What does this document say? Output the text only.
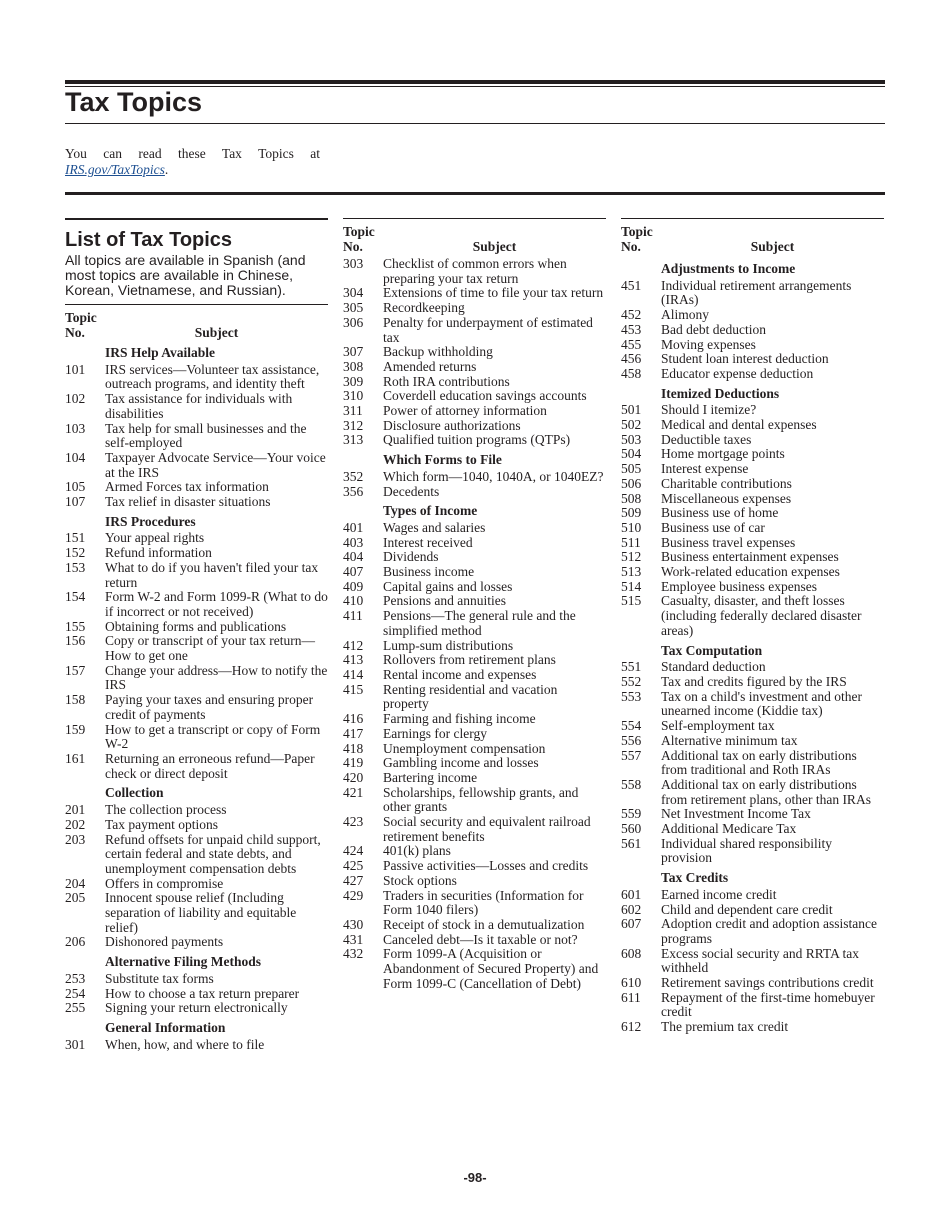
Tax Topics
You can read these Tax Topics at IRS.gov/TaxTopics.
List of Tax Topics
All topics are available in Spanish (and most topics are available in Chinese, Korean, Vietnamese, and Russian).
Topic No.	Subject
IRS Help Available
101	IRS services—Volunteer tax assistance, outreach programs, and identity theft
102	Tax assistance for individuals with disabilities
103	Tax help for small businesses and the self-employed
104	Taxpayer Advocate Service—Your voice at the IRS
105	Armed Forces tax information
107	Tax relief in disaster situations
IRS Procedures
151	Your appeal rights
152	Refund information
153	What to do if you haven't filed your tax return
154	Form W-2 and Form 1099-R (What to do if incorrect or not received)
155	Obtaining forms and publications
156	Copy or transcript of your tax return—How to get one
157	Change your address—How to notify the IRS
158	Paying your taxes and ensuring proper credit of payments
159	How to get a transcript or copy of Form W-2
161	Returning an erroneous refund—Paper check or direct deposit
Collection
201	The collection process
202	Tax payment options
203	Refund offsets for unpaid child support, certain federal and state debts, and unemployment compensation debts
204	Offers in compromise
205	Innocent spouse relief (Including separation of liability and equitable relief)
206	Dishonored payments
Alternative Filing Methods
253	Substitute tax forms
254	How to choose a tax return preparer
255	Signing your return electronically
General Information
301	When, how, and where to file
Topic No.	Subject
303	Checklist of common errors when preparing your tax return
304	Extensions of time to file your tax return
305	Recordkeeping
306	Penalty for underpayment of estimated tax
307	Backup withholding
308	Amended returns
309	Roth IRA contributions
310	Coverdell education savings accounts
311	Power of attorney information
312	Disclosure authorizations
313	Qualified tuition programs (QTPs)
Which Forms to File
352	Which form—1040, 1040A, or 1040EZ?
356	Decedents
Types of Income
401	Wages and salaries
403	Interest received
404	Dividends
407	Business income
409	Capital gains and losses
410	Pensions and annuities
411	Pensions—The general rule and the simplified method
412	Lump-sum distributions
413	Rollovers from retirement plans
414	Rental income and expenses
415	Renting residential and vacation property
416	Farming and fishing income
417	Earnings for clergy
418	Unemployment compensation
419	Gambling income and losses
420	Bartering income
421	Scholarships, fellowship grants, and other grants
423	Social security and equivalent railroad retirement benefits
424	401(k) plans
425	Passive activities—Losses and credits
427	Stock options
429	Traders in securities (Information for Form 1040 filers)
430	Receipt of stock in a demutualization
431	Canceled debt—Is it taxable or not?
432	Form 1099-A (Acquisition or Abandonment of Secured Property) and Form 1099-C (Cancellation of Debt)
Topic No.	Subject
Adjustments to Income
451	Individual retirement arrangements (IRAs)
452	Alimony
453	Bad debt deduction
455	Moving expenses
456	Student loan interest deduction
458	Educator expense deduction
Itemized Deductions
501	Should I itemize?
502	Medical and dental expenses
503	Deductible taxes
504	Home mortgage points
505	Interest expense
506	Charitable contributions
508	Miscellaneous expenses
509	Business use of home
510	Business use of car
511	Business travel expenses
512	Business entertainment expenses
513	Work-related education expenses
514	Employee business expenses
515	Casualty, disaster, and theft losses (including federally declared disaster areas)
Tax Computation
551	Standard deduction
552	Tax and credits figured by the IRS
553	Tax on a child's investment and other unearned income (Kiddie tax)
554	Self-employment tax
556	Alternative minimum tax
557	Additional tax on early distributions from traditional and Roth IRAs
558	Additional tax on early distributions from retirement plans, other than IRAs
559	Net Investment Income Tax
560	Additional Medicare Tax
561	Individual shared responsibility provision
Tax Credits
601	Earned income credit
602	Child and dependent care credit
607	Adoption credit and adoption assistance programs
608	Excess social security and RRTA tax withheld
610	Retirement savings contributions credit
611	Repayment of the first-time homebuyer credit
612	The premium tax credit
-98-
